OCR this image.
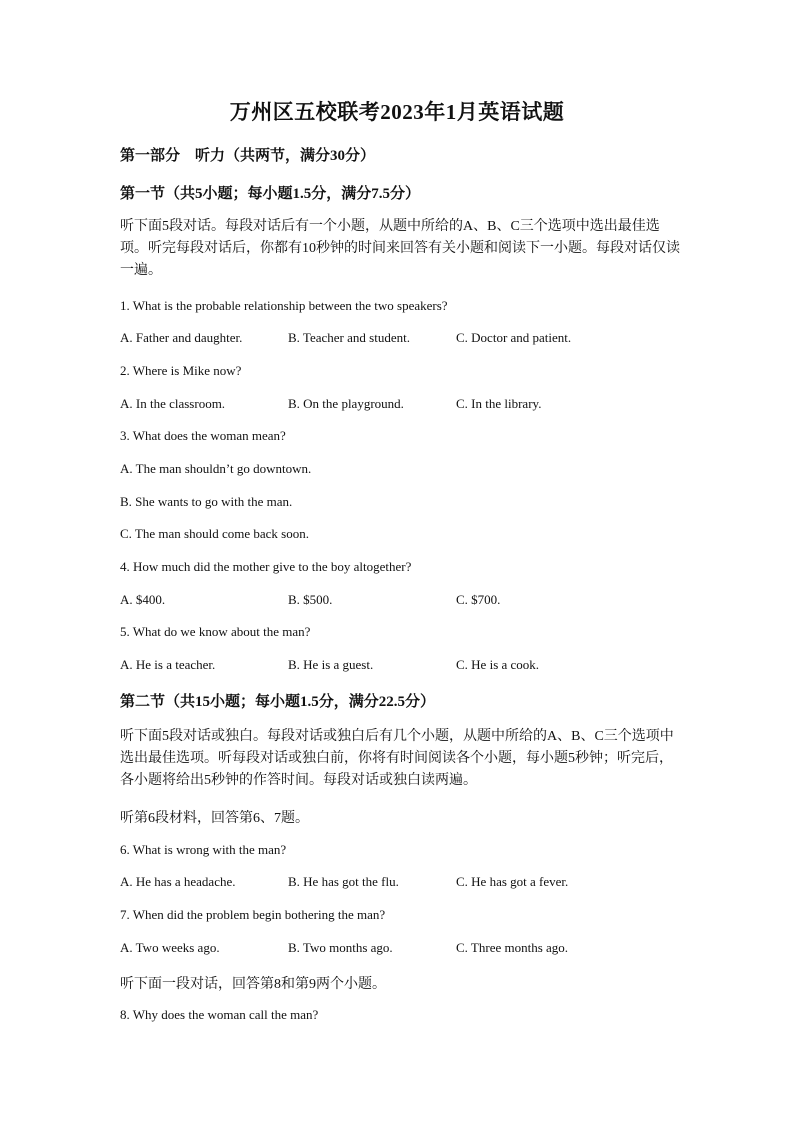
万州区五校联考2023年1月英语试题
第一部分　听力（共两节，满分30分）
第一节（共5小题；每小题1.5分，满分7.5分）
听下面5段对话。每段对话后有一个小题，从题中所给的A、B、C三个选项中选出最佳选项。听完每段对话后，你都有10秒钟的时间来回答有关小题和阅读下一小题。每段对话仅读一遍。
1. What is the probable relationship between the two speakers?
A. Father and daughter.	B. Teacher and student.	C. Doctor and patient.
2. Where is Mike now?
A. In the classroom.	B. On the playground.	C. In the library.
3. What does the woman mean?
A. The man shouldn’t go downtown.
B. She wants to go with the man.
C. The man should come back soon.
4. How much did the mother give to the boy altogether?
A. $400.	B. $500.	C. $700.
5. What do we know about the man?
A. He is a teacher.	B. He is a guest.	C. He is a cook.
第二节（共15小题；每小题1.5分，满分22.5分）
听下面5段对话或独白。每段对话或独白后有几个小题，从题中所给的A、B、C三个选项中选出最佳选项。听每段对话或独白前，你将有时间阅读各个小题，每小题5秒钟；听完后，各小题将给出5秒钟的作答时间。每段对话或独白读两遍。
听第6段材料，回答第6、7题。
6. What is wrong with the man?
A. He has a headache.	B. He has got the flu.	C. He has got a fever.
7. When did the problem begin bothering the man?
A. Two weeks ago.	B. Two months ago.	C. Three months ago.
听下面一段对话，回答第8和第9两个小题。
8. Why does the woman call the man?
